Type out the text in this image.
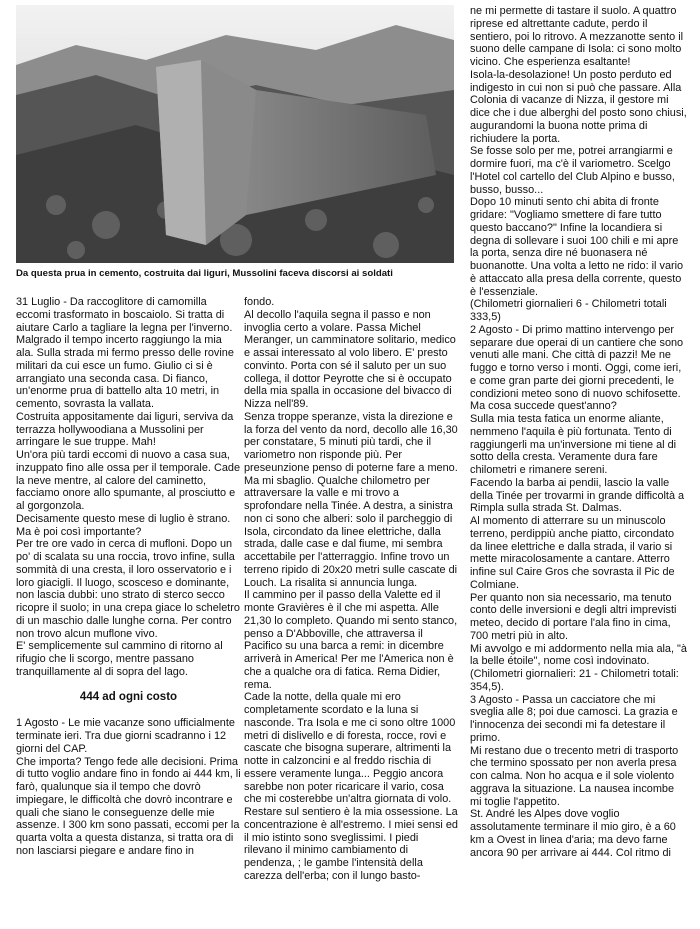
Da questa prua in cemento, costruita dai liguri, Mussolini faceva discorsi ai soldati

31 Luglio - Da raccoglitore di camomilla eccomi trasformato in boscaiolo. Si tratta di aiutare Carlo a tagliare la legna per l'inverno.

Malgrado il tempo incerto raggiungo la mia ala. Sulla strada mi fermo presso delle rovine militari da cui esce un fumo. Giulio ci si è arrangiato una seconda casa. Di fianco, un'enorme prua di battello alta 10 metri, in cemento, sovrasta la vallata.

Costruita appositamente dai liguri, serviva da terrazza hollywoodiana a Mussolini per arringare le sue truppe. Mah!

Un'ora più tardi eccomi di nuovo a casa sua, inzuppato fino alle ossa per il temporale. Cade la neve mentre, al calore del caminetto, facciamo onore allo spumante, al prosciutto e al gorgonzola.

Decisamente questo mese di luglio è strano. Ma è poi così importante?

Per tre ore vado in cerca di mufloni. Dopo un po' di scalata su una roccia, trovo infine, sulla sommità di una cresta, il loro osservatorio e i loro giacigli. Il luogo, scosceso e dominante, non lascia dubbi: uno strato di sterco secco ricopre il suolo; in una crepa giace lo scheletro di un maschio dalle lunghe corna. Per contro non trovo alcun muflone vivo.

E' semplicemente sul cammino di ritorno al rifugio che li scorgo, mentre passano tranquillamente al di sopra del lago.

444 ad ogni costo

1 Agosto - Le mie vacanze sono ufficialmente terminate ieri. Tra due giorni scadranno i 12 giorni del CAP.

Che importa? Tengo fede alle decisioni. Prima di tutto voglio andare fino in fondo ai 444 km, li farò, qualunque sia il tempo che dovrò impiegare, le difficoltà che dovrò incontrare e quali che siano le conseguenze delle mie assenze. I 300 km sono passati, eccomi per la quarta volta a questa distanza, si tratta ora di non lasciarsi piegare e andare fino in

fondo.

Al decollo l'aquila segna il passo e non invoglia certo a volare. Passa Michel Meranger, un camminatore solitario, medico e assai interessato al volo libero. E' presto convinto. Porta con sé il saluto per un suo collega, il dottor Peyrotte che si è occupato della mia spalla in occasione del bivacco di Nizza nell'89.

Senza troppe speranze, vista la direzione e la forza del vento da nord, decollo alle 16,30 per constatare, 5 minuti più tardi, che il variometro non risponde più. Per preseunzione penso di poterne fare a meno. Ma mi sbaglio. Qualche chilometro per attraversare la valle e mi trovo a sprofondare nella Tinée. A destra, a sinistra non ci sono che alberi: solo il parcheggio di Isola, circondato da linee elettriche, dalla strada, dalle case e dal fiume, mi sembra accettabile per l'atterraggio. Infine trovo un terreno ripido di 20x20 metri sulle cascate di Louch. La risalita si annuncia lunga.

Il cammino per il passo della Valette ed il monte Gravières è il che mi aspetta. Alle 21,30 lo completo. Quando mi sento stanco, penso a D'Abboville, che attraversa il Pacifico su una barca a remi: in dicembre arriverà in America! Per me l'America non è che a qualche ora di fatica. Rema Didier, rema.

Cade la notte, della quale mi ero completamente scordato e la luna si nasconde. Tra Isola e me ci sono oltre 1000 metri di dislivello e di foresta, rocce, rovi e cascate che bisogna superare, altrimenti la notte in calzoncini e al freddo rischia di essere veramente lunga... Peggio ancora sarebbe non poter ricaricare il vario, cosa che mi costerebbe un'altra giornata di volo.

Restare sul sentiero è la mia ossessione. La concentrazione è all'estremo. I miei sensi ed il mio istinto sono sveglissimi. I piedi rilevano il minimo cambiamento di pendenza, ; le gambe l'intensità della carezza dell'erba; con il lungo basto-

ne mi permette di tastare il suolo. A quattro riprese ed altrettante cadute, perdo il sentiero, poi lo ritrovo. A mezzanotte sento il suono delle campane di Isola: ci sono molto vicino. Che esperienza esaltante!

Isola-la-desolazione! Un posto perduto ed indigesto in cui non si può che passare. Alla Colonia di vacanze di Nizza, il gestore mi dice che i due alberghi del posto sono chiusi, augurandomi la buona notte prima di richiudere la porta.

Se fosse solo per me, potrei arrangiarmi e dormire fuori, ma c'è il variometro. Scelgo l'Hotel col cartello del Club Alpino e busso, busso, busso...

Dopo 10 minuti sento chi abita di fronte gridare: "Vogliamo smettere di fare tutto questo baccano?" Infine la locandiera si degna di sollevare i suoi 100 chili e mi apre la porta, senza dire né buonasera né buonanotte. Una volta a letto ne rido: il vario è attaccato alla presa della corrente, questo è l'essenziale.

(Chilometri giornalieri 6 - Chilometri totali 333,5)

2 Agosto - Di primo mattino intervengo per separare due operai di un cantiere che sono venuti alle mani. Che città di pazzi! Me ne fuggo e torno verso i monti. Oggi, come ieri, e come gran parte dei giorni precedenti, le condizioni meteo sono di nuovo schifosette. Ma cosa succede quest'anno?

Sulla mia testa fatica un enorme aliante, nemmeno l'aquila è più fortunata. Tento di raggiungerli ma un'inversione mi tiene al di sotto della cresta. Veramente dura fare chilometri e rimanere sereni.

Facendo la barba ai pendii, lascio la valle della Tinée per trovarmi in grande difficoltà a Rimpla sulla strada St. Dalmas.

Al momento di atterrare su un minuscolo terreno, perdippiù anche piatto, circondato da linee elettriche e dalla strada, il vario si mette miracolosamente a cantare. Atterro infine sul Caire Gros che sovrasta il Pic de Colmiane.

Per quanto non sia necessario, ma tenuto conto delle inversioni e degli altri imprevisti meteo, decido di portare l'ala fino in cima, 700 metri più in alto.

Mi avvolgo e mi addormento nella mia ala, "à la belle étoile", nome così indovinato.

(Chilometri giornalieri: 21 - Chilometri totali: 354,5).

3 Agosto - Passa un cacciatore che mi sveglia alle 8; poi due camosci. La grazia e l'innocenza dei secondi mi fa detestare il primo.

Mi restano due o trecento metri di trasporto che termino spossato per non averla presa con calma. Non ho acqua e il sole violento aggrava la situazione. La nausea incombe mi toglie l'appetito.

St. André les Alpes dove voglio assolutamente terminare il mio giro, è a 60 km a Ovest in linea d'aria; ma devo farne ancora 90 per arrivare ai 444. Col ritmo di
